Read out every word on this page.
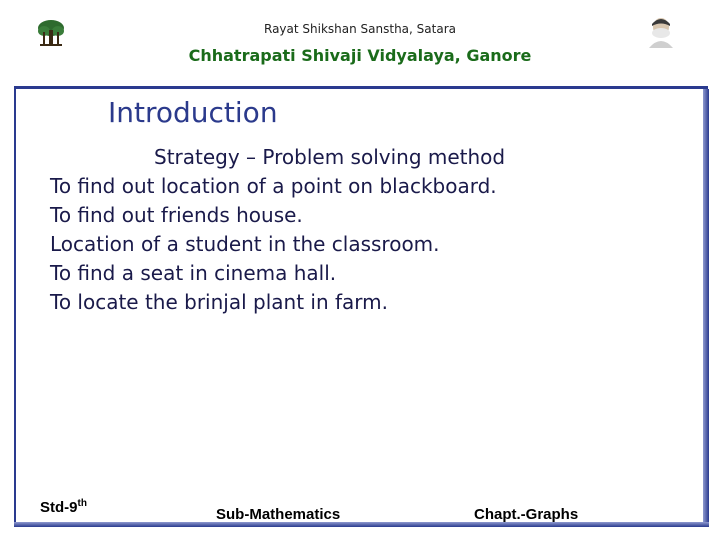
Rayat Shikshan Sanstha, Satara
Chhatrapati Shivaji Vidyalaya, Ganore
Introduction
Strategy – Problem solving method
To find out location of a point on blackboard.
To find out friends house.
Location of a student in the classroom.
To find a seat in cinema hall.
To locate the brinjal plant in farm.
Std-9th
Sub-Mathematics	Chapt.-Graphs
